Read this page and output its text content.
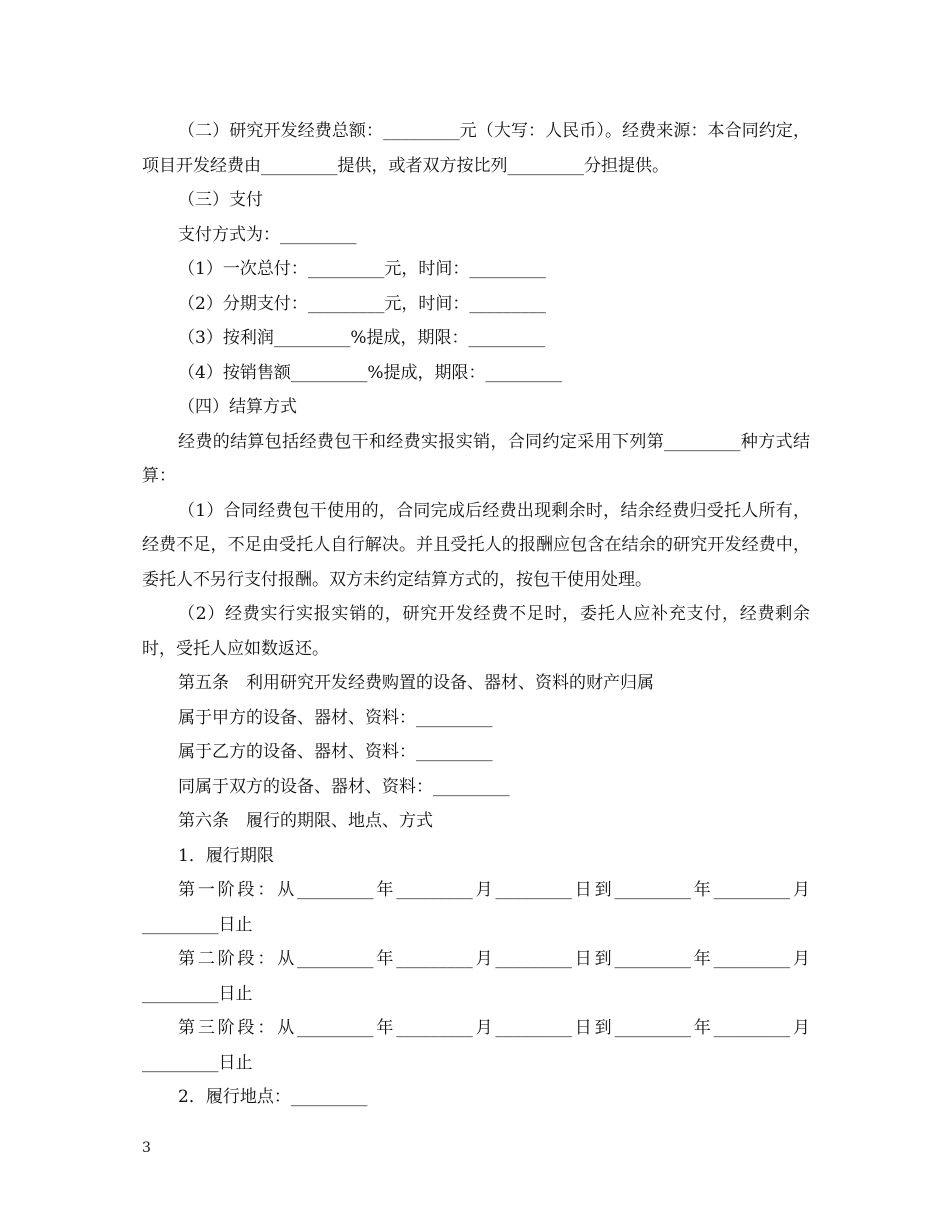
（二）研究开发经费总额：_________元（大写：人民币）。经费来源：本合同约定，项目开发经费由_________提供，或者双方按比列_________分担提供。

（三）支付

支付方式为：_________

（1）一次总付：_________元，时间：_________

（2）分期支付：_________元，时间：_________

（3）按利润_________%提成，期限：_________

（4）按销售额_________%提成，期限：_________

（四）结算方式

经费的结算包括经费包干和经费实报实销，合同约定采用下列第_________种方式结算：

（1）合同经费包干使用的，合同完成后经费出现剩余时，结余经费归受托人所有，经费不足，不足由受托人自行解决。并且受托人的报酬应包含在结余的研究开发经费中，委托人不另行支付报酬。双方未约定结算方式的，按包干使用处理。

（2）经费实行实报实销的，研究开发经费不足时，委托人应补充支付，经费剩余时，受托人应如数返还。

第五条　利用研究开发经费购置的设备、器材、资料的财产归属

属于甲方的设备、器材、资料：_________

属于乙方的设备、器材、资料：_________

同属于双方的设备、器材、资料：_________

第六条　履行的期限、地点、方式

1．履行期限

第一阶段：从_________年_________月_________日到_________年_________月_________日止

第二阶段：从_________年_________月_________日到_________年_________月_________日止

第三阶段：从_________年_________月_________日到_________年_________月_________日止

2．履行地点：_________

3
